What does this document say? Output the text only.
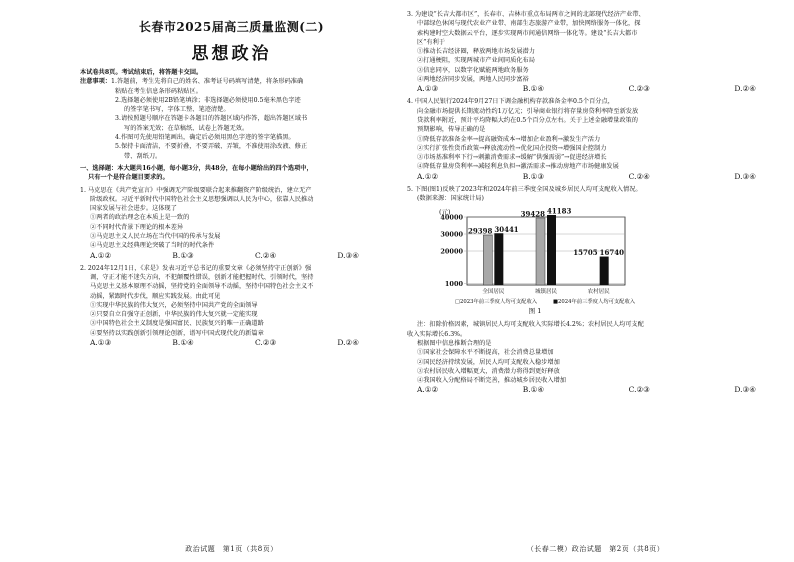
长春市2025届高三质量监测(二)
思想政治
本试卷共8页。考试结束后，将答题卡交回。
注意事项： 1.答题前，考生先将自己的姓名、准考证号码填写清楚，将条形码准确
粘贴在考生信息条形码粘贴区。
2.选择题必须使用2B铅笔填涂；非选择题必须使用0.5毫米黑色字迹
的签字笔书写，字体工整、笔迹清楚。
3.请按照题号顺序在答题卡各题目的答题区域内作答，超出答题区域书
写的答案无效；在草稿纸、试卷上答题无效。
4.作图可先使用铅笔画出，确定后必须用黑色字迹的签字笔描黑。
5.保持卡面清洁，不要折叠，不要弄破、弄皱，不准使用涂改液、修正
带、刮纸刀。
一、选择题：本大题共16小题，每小题3分，共48分，在每小题给出的四个选项中，
只有一个是符合题目要求的。
1. 马克思在《共产党宣言》中强调无产阶级要联合起来推翻资产阶级统治，建立无产
阶级政权。习近平新时代中国特色社会主义思想强调以人民为中心，依靠人民推动
国家发展与社会进步。这体现了
①两者的政治理念在本质上是一致的
②不同时代背景下理论的根本差异
③马克思主义人民立场在当代中国的传承与发展
④马克思主义经典理论突破了当时的时代条件
A.①②	B.①③	C.②④	D.③④
2. 2024年12月1日，《求是》发表习近平总书记的重要文章《必须坚持守正创新》强
调，守正才能不迷失方向，不犯颠覆性错误，创新才能把握时代、引领时代，坚持
马克思主义基本原理不动摇，坚持党的全面领导不动摇，坚持中国特色社会主义不
动摇，紧跟时代步伐，顺应实践发展。由此可见
①实现中华民族的伟大复兴，必须坚持中国共产党的全面领导
②只要自立自强守正创新，中华民族的伟大复兴就一定能实现
③中国特色社会主义制度是强国富民、民族复兴的唯一正确道路
④要坚持以实践创新引领理论创新，谱写中国式现代化的新篇章
A.①③	B.①④	C.②③	D.②④
政治试题　第1页（共8页）
3. 为建设“长吉大都市区”，长春市、吉林市重点布局两市之间的北部现代经济产业带、
中部绿色休闲与现代农业产业带、南部生态旅游产业带，加快网络服务一体化，探
索构建时空大数据云平台，逐步实现两市间通信网络一体化等。建设“长吉大都市
区”有利于
①推动长吉经济圈，释放两地市场发展潜力
②打通梗阻，实现两城市产业间同质化布局
③信息同享，以数字化赋能两地政务服务
④两地经济同步发展，两地人民同步富裕
A.①③	B.①④	C.②③	D.②④
4. 中国人民银行2024年9月27日下调金融机构存款准备金率0.5个百分点，
向金融市场提供长期流动性约1万亿元；引导商业银行将存量房贷利率降至新发放
贷款利率附近，预计平均降幅大约在0.5个百分点左右。关于上述金融增量政策的
预期影响，传导正确的是
①降低存款准备金率→提高融资成本→增加企业盈利→激发生产活力
②实行扩张性货币政策→释放流动性→优化国企投资→增强国企控制力
③市场基准利率下行→刺激消费需求→缓解“供强需弱”→促进经济增长
④降低存量房贷利率→减轻利息负担→激活需求→推动房地产市场健康发展
A.①②	B.①③	C.②④	D.③④
5. 下图(图1)反映了2023年和2024年前三季度全国及城乡居民人均可支配收入情况。
(数据来源：国家统计局)
(元)
1000
20000
30000
40000
29398 30441
全国居民
39428 41183
城镇居民
16740
农村居民
15705
□2023年前三季度人均可支配收入	■2024年前三季度人均可支配收入
图 1
注：扣除价格因素，城镇居民人均可支配收入实际增长4.2%；农村居民人均可支配
收入实际增长6.3%。
根据图中信息推断合理的是
①国家社会保障水平不断提高，社会消费总量增加
②国民经济持续发展，居民人均可支配收入稳步增加
③农村居民收入增幅更大，消费潜力将得到更好释放
④我国收入分配格局不断完善，推动城乡居民收入增加
A.①②	B.①④	C.②③	D.③④
（长春二模）政治试题　第2页（共8页）
